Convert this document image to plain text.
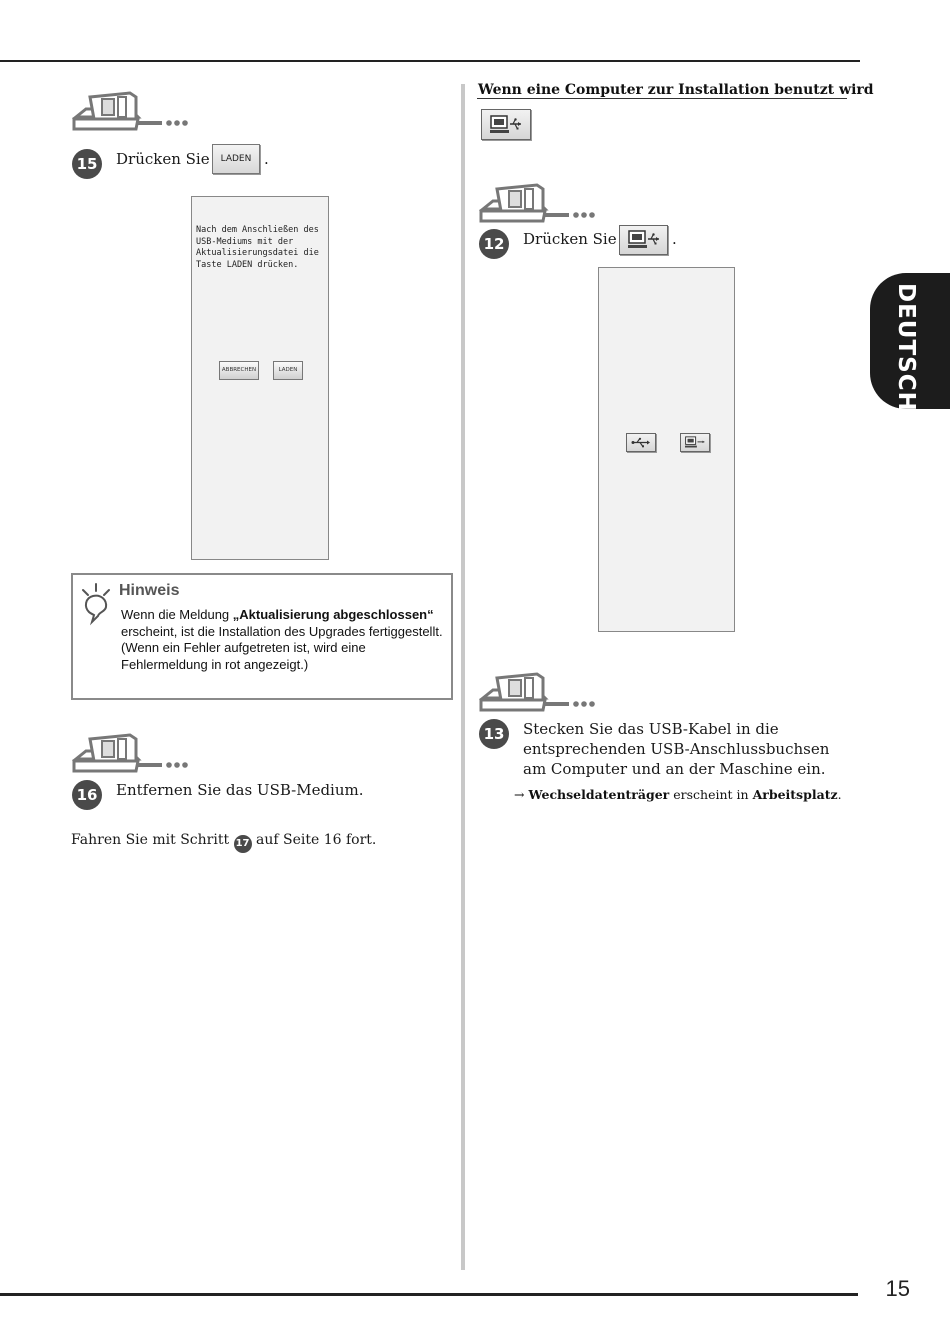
15
DEUTSCH
15	Drücken Sie	LADEN .
Nach dem Anschließen des
USB-Mediums mit der
Aktualisierungsdatei die
Taste LADEN drücken.
ABBRECHEN	LADEN
Hinweis
Wenn die Meldung „Aktualisierung abgeschlossen“ erscheint, ist die Installation des Upgrades fertiggestellt.
(Wenn ein Fehler aufgetreten ist, wird eine Fehlermeldung in rot angezeigt.)
16	Entfernen Sie das USB-Medium.
Fahren Sie mit Schritt 17 auf Seite 16 fort.
Wenn eine Computer zur Installation benutzt wird
12	Drücken Sie	.
13	Stecken Sie das USB-Kabel in die entsprechenden USB-Anschlussbuchsen am Computer und an der Maschine ein.
→ Wechseldatenträger erscheint in Arbeitsplatz.
